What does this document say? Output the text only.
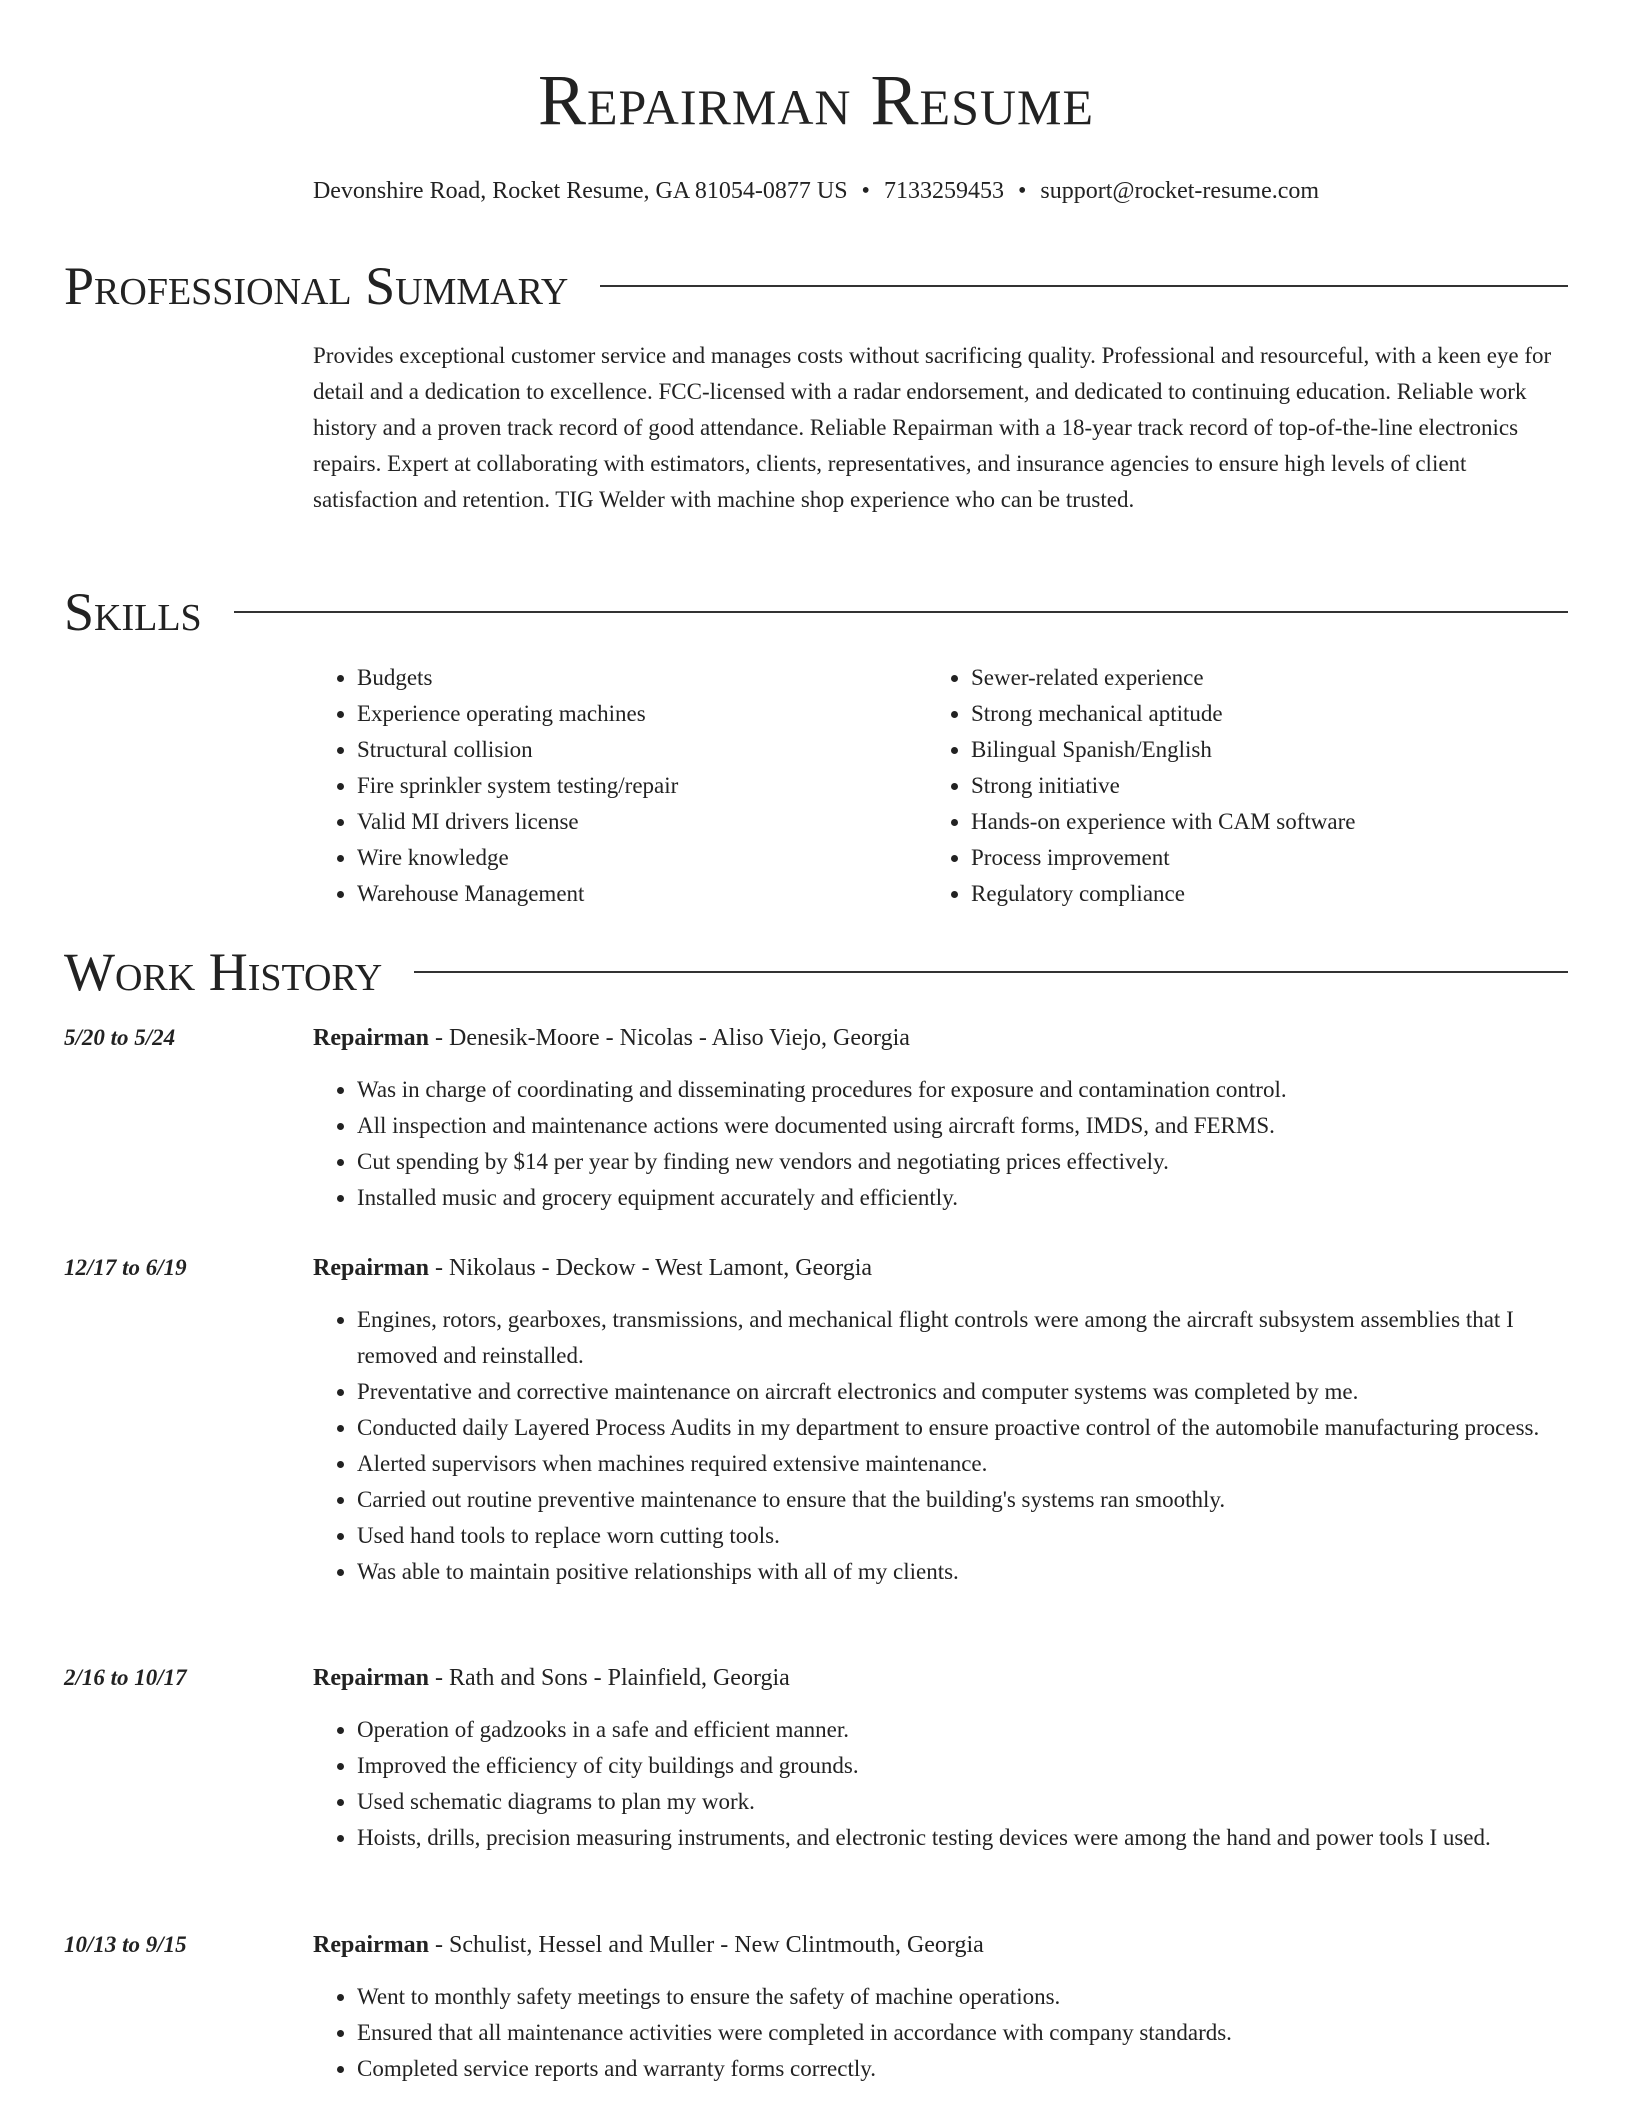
Repairman Resume
Devonshire Road, Rocket Resume, GA 81054-0877 US • 7133259453 • support@rocket-resume.com
Professional Summary
Provides exceptional customer service and manages costs without sacrificing quality. Professional and resourceful, with a keen eye for detail and a dedication to excellence. FCC-licensed with a radar endorsement, and dedicated to continuing education. Reliable work history and a proven track record of good attendance. Reliable Repairman with a 18-year track record of top-of-the-line electronics repairs. Expert at collaborating with estimators, clients, representatives, and insurance agencies to ensure high levels of client satisfaction and retention. TIG Welder with machine shop experience who can be trusted.
Skills
• Budgets
• Experience operating machines
• Structural collision
• Fire sprinkler system testing/repair
• Valid MI drivers license
• Wire knowledge
• Warehouse Management
• Sewer-related experience
• Strong mechanical aptitude
• Bilingual Spanish/English
• Strong initiative
• Hands-on experience with CAM software
• Process improvement
• Regulatory compliance
Work History
5/20 to 5/24	Repairman - Denesik-Moore - Nicolas - Aliso Viejo, Georgia
• Was in charge of coordinating and disseminating procedures for exposure and contamination control.
• All inspection and maintenance actions were documented using aircraft forms, IMDS, and FERMS.
• Cut spending by $14 per year by finding new vendors and negotiating prices effectively.
• Installed music and grocery equipment accurately and efficiently.
12/17 to 6/19	Repairman - Nikolaus - Deckow - West Lamont, Georgia
• Engines, rotors, gearboxes, transmissions, and mechanical flight controls were among the aircraft subsystem assemblies that I removed and reinstalled.
• Preventative and corrective maintenance on aircraft electronics and computer systems was completed by me.
• Conducted daily Layered Process Audits in my department to ensure proactive control of the automobile manufacturing process.
• Alerted supervisors when machines required extensive maintenance.
• Carried out routine preventive maintenance to ensure that the building's systems ran smoothly.
• Used hand tools to replace worn cutting tools.
• Was able to maintain positive relationships with all of my clients.
2/16 to 10/17	Repairman - Rath and Sons - Plainfield, Georgia
• Operation of gadzooks in a safe and efficient manner.
• Improved the efficiency of city buildings and grounds.
• Used schematic diagrams to plan my work.
• Hoists, drills, precision measuring instruments, and electronic testing devices were among the hand and power tools I used.
10/13 to 9/15	Repairman - Schulist, Hessel and Muller - New Clintmouth, Georgia
• Went to monthly safety meetings to ensure the safety of machine operations.
• Ensured that all maintenance activities were completed in accordance with company standards.
• Completed service reports and warranty forms correctly.
